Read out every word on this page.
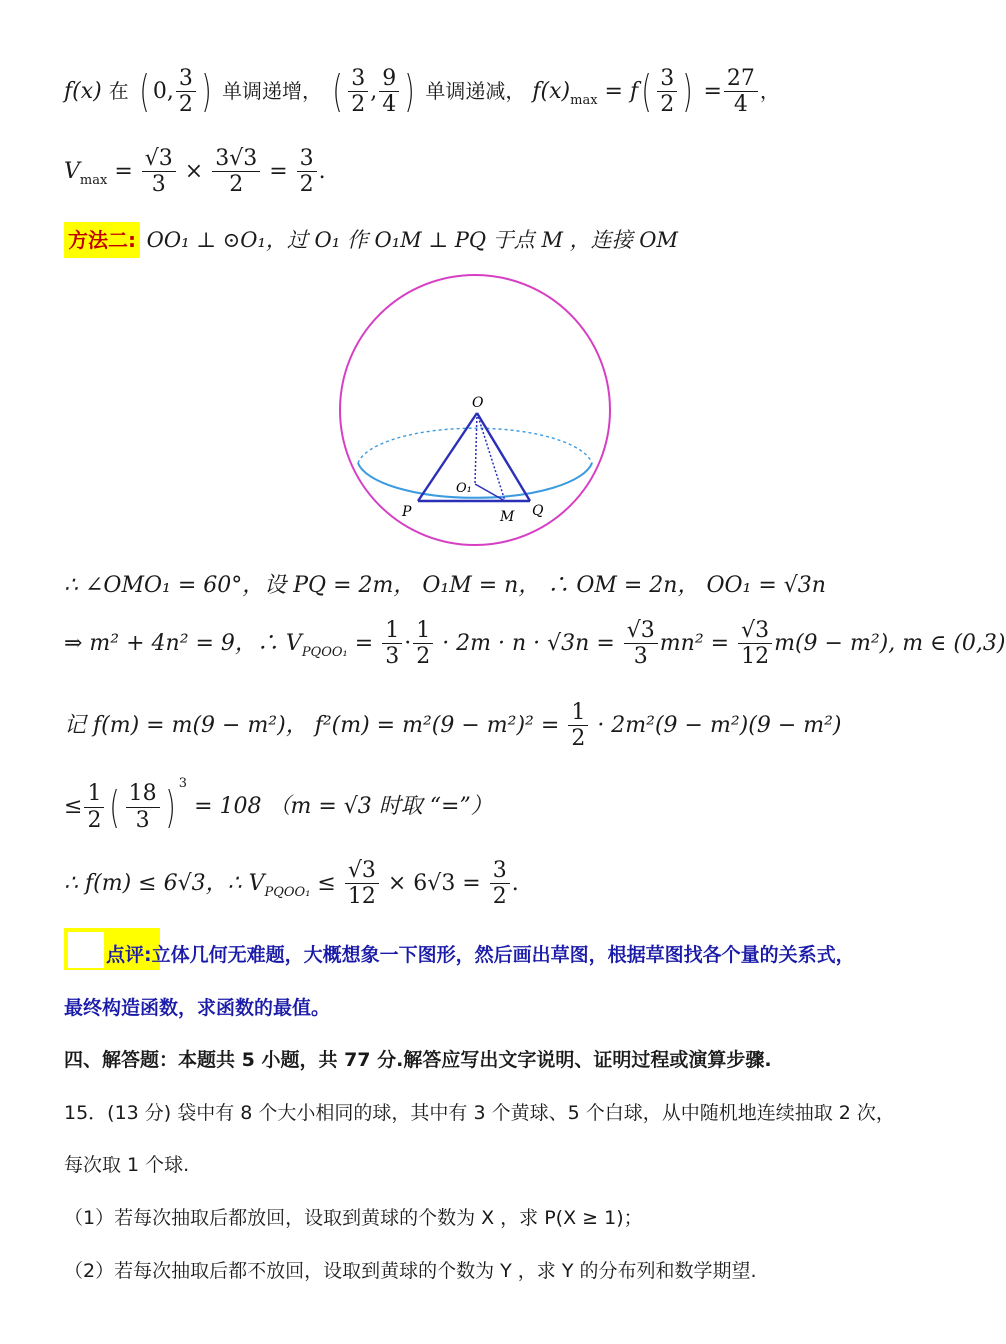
f(x) 在 ( 0, $\frac{3}{2}$ ) 单调递增， ( $\frac{3}{2}$ , $\frac{9}{4}$ ) 单调递减， $f(x)_{max} = f( \frac{3}{2}$ ) = $\frac{27}{4}$ ，
$V_{max} = \frac{√3}{3} \times \frac{3√3}{2} = \frac{3}{2}$ .
方法二: OO₁ ⊥ ⊙O₁，过 O₁ 作 O₁M ⊥ PQ 于点 M ，连接 OM
O
O₁
P	M Q
∴ ∠OMO₁ = 60°，设 PQ = 2m， O₁M = n， ∴ OM = 2n， OO₁ = √3n
⇒ m² + 4n² = 9，∴ $V_{PQOO_1} = \frac{1}{3} \cdot \frac{1}{2} \cdot 2m \cdot n \cdot √3n = \frac{√3}{3} mn^2 = \frac{√3}{12} m(9 - m^2)$, m ∈ (0,3)
记 f(m) = m(9 − m²)， $f^2(m) = m^2(9 - m^2)^2 = \frac{1}{2} \cdot 2m^2(9 - m^2)(9 - m^2)$
≤ $\frac{1}{2}$ ( $\frac{18}{3}$ ) $^3$ = 108 （m = √3 时取 “=”）
∴ f(m) ≤ 6√3，∴ $V_{PQOO_1} \le \frac{√3}{12} \times 6√3 = \frac{3}{2}$ .
点评:立体几何无难题，大概想象一下图形，然后画出草图，根据草图找各个量的关系式，
最终构造函数，求函数的最值。
四、解答题：本题共 5 小题，共 77 分.解答应写出文字说明、证明过程或演算步骤.
15．(13 分) 袋中有 8 个大小相同的球，其中有 3 个黄球、5 个白球，从中随机地连续抽取 2 次，
每次取 1 个球.
（1）若每次抽取后都放回，设取到黄球的个数为 X ，求 P(X ≥ 1)；
（2）若每次抽取后都不放回，设取到黄球的个数为 Y ，求 Y 的分布列和数学期望.
